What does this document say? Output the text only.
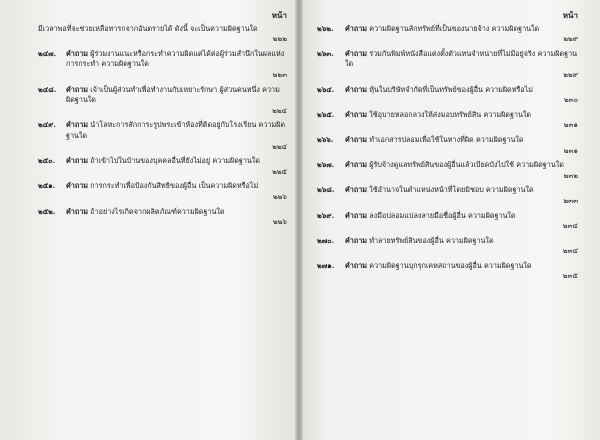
หน้า
มีเวลาพอที่จะช่วยเหลือทารกจากอันตรายได้ ดังนี้ จะเป็นความผิดฐานใด
๒๒๒
๒๔๗.	คำถาม ผู้ร่วมงานแนะหรือกระทำความผิดแต่ได้ต่อผู้ร่วมสำนึกในผลแห่งการกระทำ ความผิดฐานใด
๒๒๓
๒๔๘.	คำถาม เจ้าเป็นผู้ส่วนทำเพื่อทำงานกับเหยาะรักษา ผู้ส่วนคนหนึ่ง ความผิดฐานใด
๒๒๔
๒๔๙.	คำถาม นำโลหะการสักการะรูปพระเข้าห้องที่ติดอยู่กับโรงเรียน ความผิดฐานใด
๒๒๔
๒๕๐.	คำถาม ถ้าเข้าไปในบ้านของบุคคลอื่นที่ยังไม่อยู่ ความผิดฐานใด
๒๒๕
๒๕๑.	คำถาม การกระทำเพื่อป้องกันสิทธิของผู้อื่น เป็นความผิดหรือไม่
๒๒๖
๒๕๒.	คำถาม ถ้าอย่างไรเกิดจากผลิตภัณฑ์ความผิดฐานใด
๒๒๖
หน้า
๒๖๒.	คำถาม ความผิดฐานลักทรัพย์ที่เป็นของนายจ้าง ความผิดฐานใด
๒๒๙
๒๖๓.	คำถาม ร่วมกันพิมพ์หนังสือแต่งตั้งตัวแทนจำหน่ายที่ไม่มีอยู่จริง ความผิดฐานใด
๒๒๙
๒๖๔.	คำถาม หุ้นในบริษัทจำกัดที่เป็นทรัพย์ของผู้อื่น ความผิดหรือไม่
๒๓๐
๒๖๕.	คำถาม ใช้อุบายหลอกลวงให้ส่งมอบทรัพย์สิน ความผิดฐานใด
๒๓๑
๒๖๖.	คำถาม ทำเอกสารปลอมเพื่อใช้ในทางที่ผิด ความผิดฐานใด
๒๓๑
๒๖๗.	คำถาม ผู้รับจ้างดูแลทรัพย์สินของผู้อื่นแล้วเบียดบังไปใช้ ความผิดฐานใด
๒๓๒
๒๖๘.	คำถาม ใช้อำนาจในตำแหน่งหน้าที่โดยมิชอบ ความผิดฐานใด
๒๓๓
๒๖๙.	คำถาม ลงมือปลอมแปลงลายมือชื่อผู้อื่น ความผิดฐานใด
๒๓๔
๒๗๐.	คำถาม ทำลายทรัพย์สินของผู้อื่น ความผิดฐานใด
๒๓๔
๒๗๑.	คำถาม ความผิดฐานบุกรุกเคหสถานของผู้อื่น ความผิดฐานใด
๒๓๕
